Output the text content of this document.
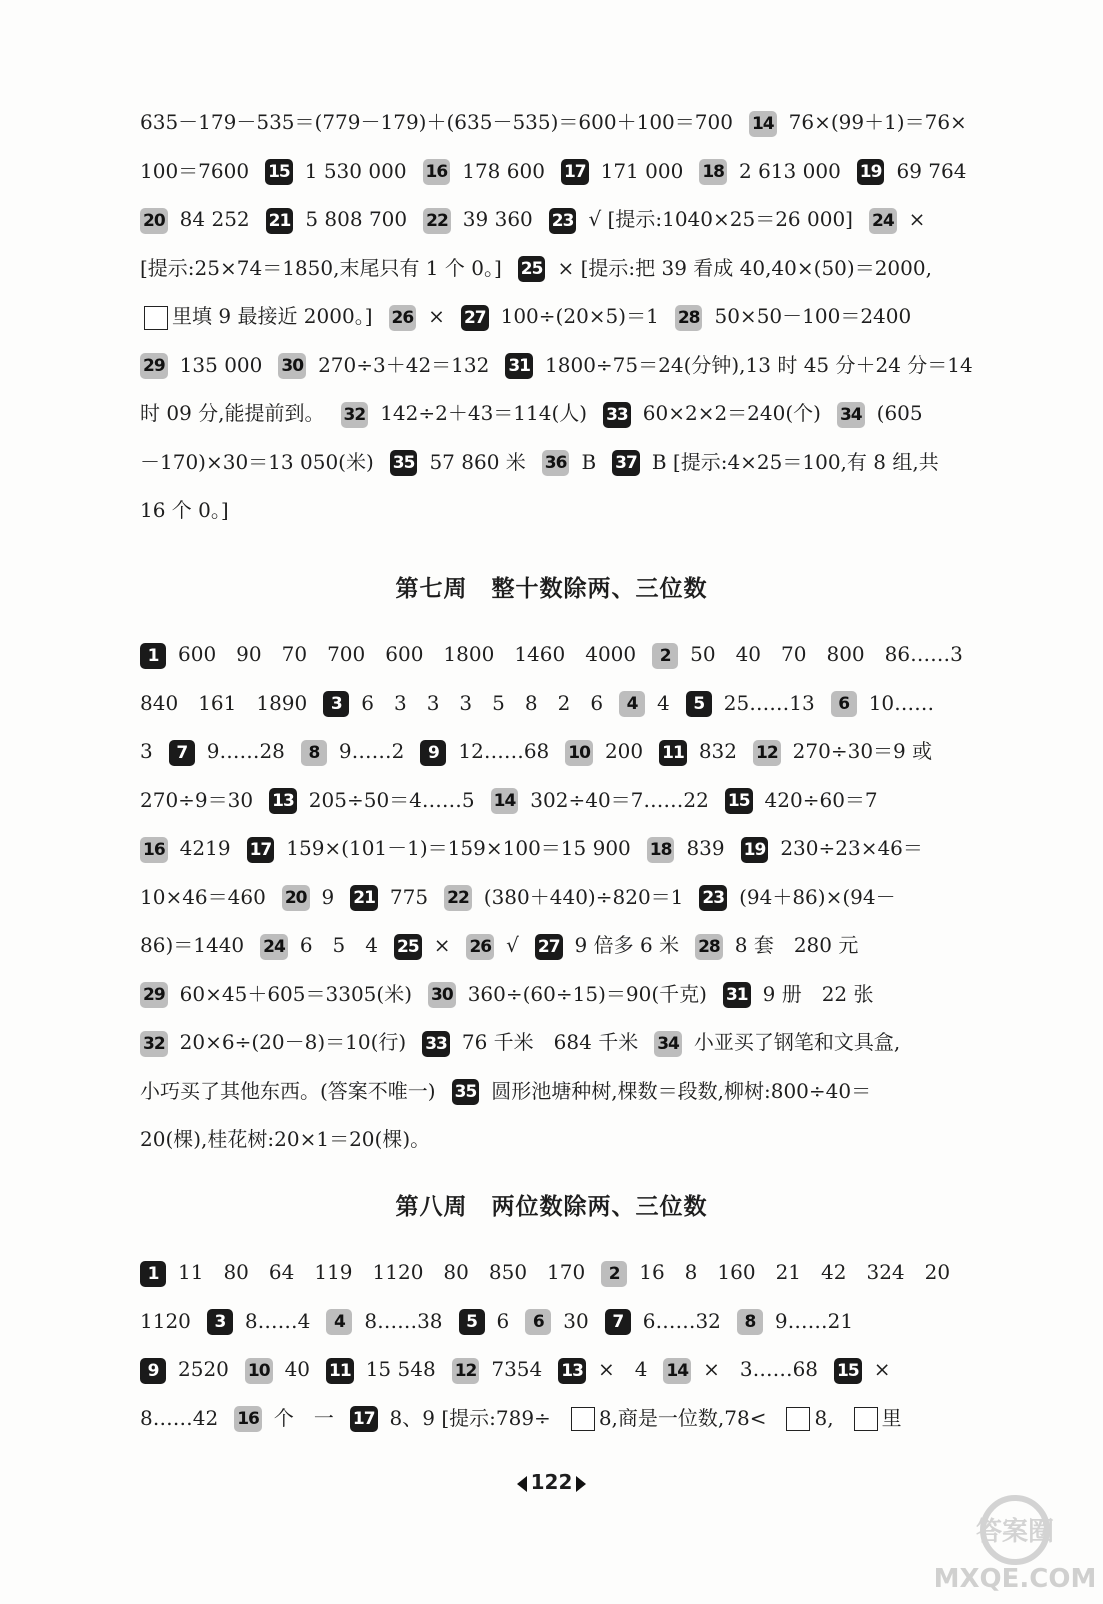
635－179－535＝(779－179)＋(635－535)＝600＋100＝700 14 76×(99＋1)＝76×
100＝7600 15 1 530 000 16 178 600 17 171 000 18 2 613 000 19 69 764
20 84 252 21 5 808 700 22 39 360 23 √ [提示:1040×25＝26 000] 24 ×
[提示:25×74＝1850,末尾只有 1 个 0。] 25 × [提示:把 39 看成 40,40×(50)＝2000,
里填 9 最接近 2000。] 26 × 27 100÷(20×5)＝1 28 50×50－100＝2400
29 135 000 30 270÷3＋42＝132 31 1800÷75＝24(分钟),13 时 45 分＋24 分＝14
时 09 分,能提前到。 32 142÷2＋43＝114(人) 33 60×2×2＝240(个) 34 (605
－170)×30＝13 050(米) 35 57 860 米 36 B 37 B [提示:4×25＝100,有 8 组,共
16 个 0。]
第七周　整十数除两、三位数
1 600　90　70　700　600　1800　1460　4000 2 50　40　70　800　86……3
840　161　1890 3 6　3　3　3　5　8　2　6 4 4 5 25……13 6 10……
3 7 9……28 8 9……2 9 12……68 10 200 11 832 12 270÷30＝9 或
270÷9＝30 13 205÷50＝4……5 14 302÷40＝7……22 15 420÷60＝7
16 4219 17 159×(101－1)＝159×100＝15 900 18 839 19 230÷23×46＝
10×46＝460 20 9 21 775 22 (380＋440)÷820＝1 23 (94＋86)×(94－
86)＝1440 24 6　5　4 25 × 26 √ 27 9 倍多 6 米 28 8 套　280 元
29 60×45＋605＝3305(米) 30 360÷(60÷15)＝90(千克) 31 9 册　22 张
32 20×6÷(20－8)＝10(行) 33 76 千米　684 千米 34 小亚买了钢笔和文具盒,
小巧买了其他东西。(答案不唯一) 35 圆形池塘种树,棵数＝段数,柳树:800÷40＝
20(棵),桂花树:20×1＝20(棵)。
第八周　两位数除两、三位数
1 11　80　64　119　1120　80　850　170 2 16　8　160　21　42　324　20
1120 3 8……4 4 8……38 5 6 6 30 7 6……32 8 9……21
9 2520 10 40 11 15 548 12 7354 13 ×　4 14 ×　3……68 15 ×
8……42 16 个　一 17 8、9 [提示:789÷ 8,商是一位数,78< 8, 里
122
答案圈
MXQE.COM
